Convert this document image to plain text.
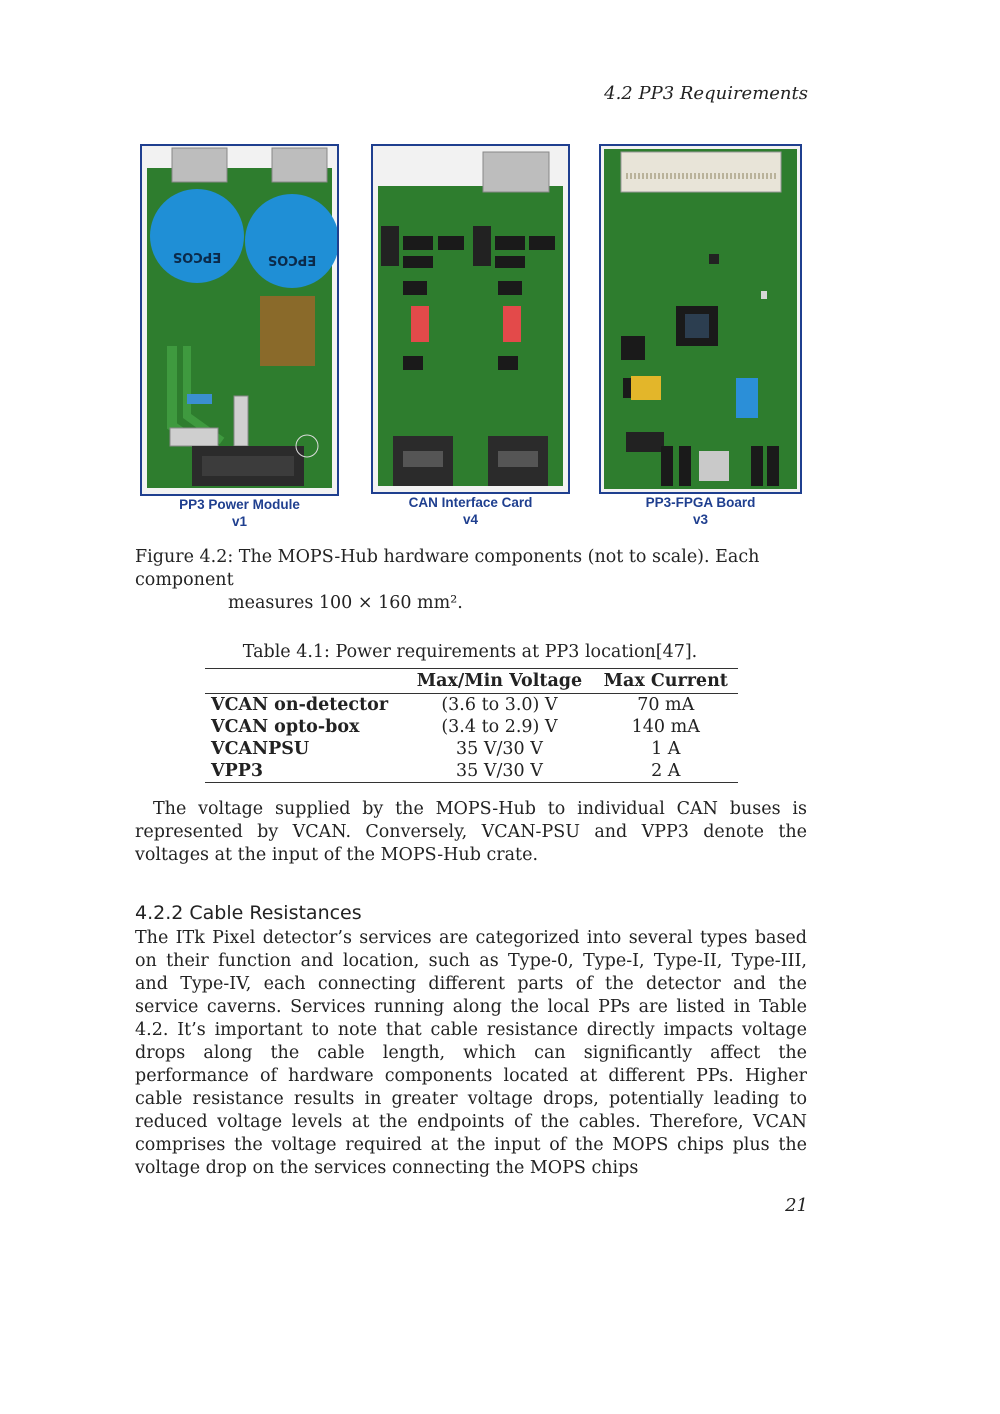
4.2 PP3 Requirements
EPCOS	EPCOS
PP3 Power Module
v1
CAN Interface Card
v4
PP3-FPGA Board
v3
Figure 4.2: The MOPS-Hub hardware components (not to scale). Each component
measures 100 × 160 mm².
Table 4.1: Power requirements at PP3 location[47].
	Max/Min Voltage	Max Current
VCAN on-detector	(3.6 to 3.0) V	70 mA
VCAN opto-box	(3.4 to 2.9) V	140 mA
VCANPSU	35 V/30 V	1 A
VPP3	35 V/30 V	2 A

The voltage supplied by the MOPS-Hub to individual CAN buses is represented by VCAN. Conversely, VCAN-PSU and VPP3 denote the voltages at the input of the MOPS-Hub crate.

4.2.2 Cable Resistances

The ITk Pixel detector’s services are categorized into several types based on their function and location, such as Type-0, Type-I, Type-II, Type-III, and Type-IV, each connecting different parts of the detector and the service caverns. Services running along the local PPs are listed in Table 4.2. It’s important to note that cable resistance directly impacts voltage drops along the cable length, which can significantly affect the performance of hardware components located at different PPs. Higher cable resistance results in greater voltage drops, potentially leading to reduced voltage levels at the endpoints of the cables. Therefore, VCAN comprises the voltage required at the input of the MOPS chips plus the voltage drop on the services connecting the MOPS chips

21
